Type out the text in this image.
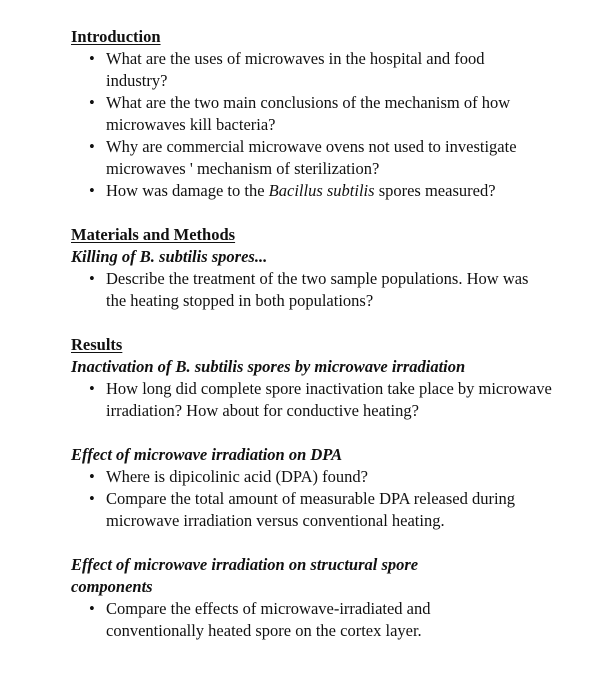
Introduction

• What are the uses of microwaves in the hospital and food industry?
• What are the two main conclusions of the mechanism of how microwaves kill bacteria?
• Why are commercial microwave ovens not used to investigate microwaves ' mechanism of sterilization?
• How was damage to the Bacillus subtilis spores measured?

Materials and Methods

Killing of B. subtilis spores...

• Describe the treatment of the two sample populations. How was the heating stopped in both populations?

Results

Inactivation of B. subtilis spores by microwave irradiation

• How long did complete spore inactivation take place by microwave irradiation? How about for conductive heating?

Effect of microwave irradiation on DPA

• Where is dipicolinic acid (DPA) found?
• Compare the total amount of measurable DPA released during microwave irradiation versus conventional heating.

Effect of microwave irradiation on structural spore components

• Compare the effects of microwave-irradiated and conventionally heated spore on the cortex layer.
